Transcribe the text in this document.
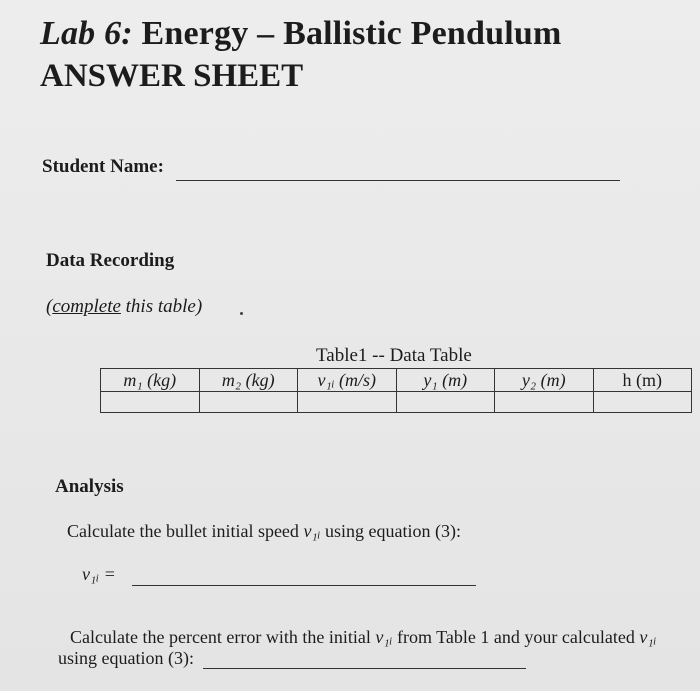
Lab 6: Energy – Ballistic Pendulum
ANSWER SHEET
Student Name:
Data Recording
(complete this table)
Table1 -- Data Table
m₁ (kg)	m₂ (kg)	v₁ᵢ (m/s)	y₁ (m)	y₂ (m)	h (m)

Analysis
Calculate the bullet initial speed v₁ᵢ using equation (3):
v₁ᵢ =
Calculate the percent error with the initial v₁ᵢ from Table 1 and your calculated v₁ᵢ
using equation (3):
